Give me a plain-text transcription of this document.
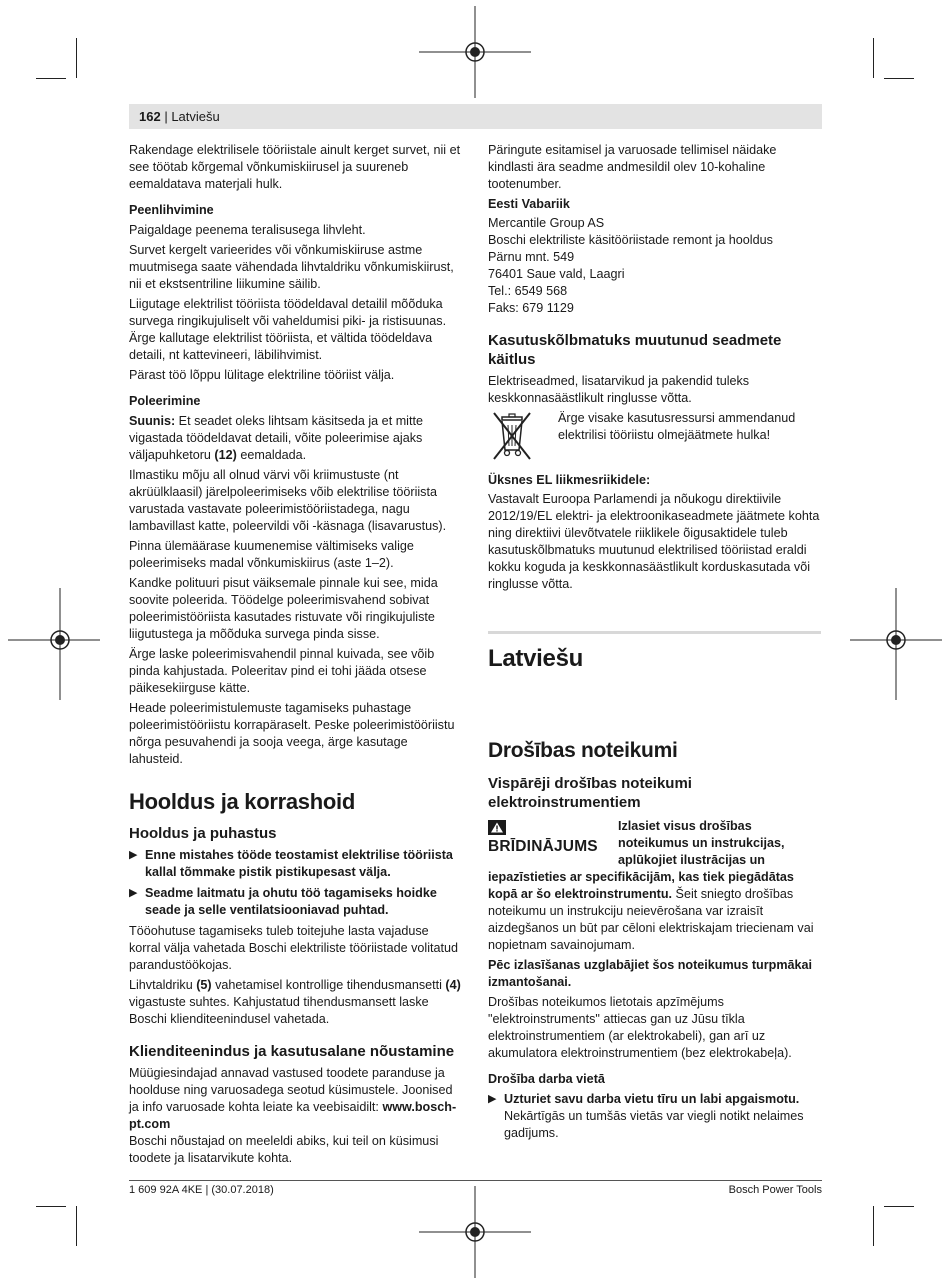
162 | Latviešu

Rakendage elektrilisele tööriistale ainult kerget survet, nii et see töötab kõrgemal võnkumiskiirusel ja suureneb eemaldatava materjali hulk.

Peenlihvimine

Paigaldage peenema teralisusega lihvleht.

Survet kergelt varieerides või võnkumiskiiruse astme muutmisega saate vähendada lihvtaldriku võnkumiskiirust, nii et ekstsentriline liikumine säilib.

Liigutage elektrilist tööriista töödeldaval detailil mõõduka survega ringikujuliselt või vaheldumisi piki- ja ristisuunas. Ärge kallutage elektrilist tööriista, et vältida töödeldava detaili, nt kattevineeri, läbilihvimist.

Pärast töö lõppu lülitage elektriline tööriist välja.

Poleerimine

Suunis: Et seadet oleks lihtsam käsitseda ja et mitte vigastada töödeldavat detaili, võite poleerimise ajaks väljapuhketoru (12) eemaldada.

Ilmastiku mõju all olnud värvi või kriimustuste (nt akrüülklaasil) järelpoleerimiseks võib elektrilise tööriista varustada vastavate poleerimistööriistadega, nagu lambavillast katte, poleervildi või -käsnaga (lisavarustus).

Pinna ülemäärase kuumenemise vältimiseks valige poleerimiseks madal võnkumiskiirus (aste 1–2).

Kandke polituuri pisut väiksemale pinnale kui see, mida soovite poleerida. Töödelge poleerimisvahend sobivat poleerimistööriista kasutades ristuvate või ringikujuliste liigutustega ja mõõduka survega pinda sisse.

Ärge laske poleerimisvahendil pinnal kuivada, see võib pinda kahjustada. Poleeritav pind ei tohi jääda otsese päikesekiirguse kätte.

Heade poleerimistulemuste tagamiseks puhastage poleerimistööriistu korrapäraselt. Peske poleerimistööriistu nõrga pesuvahendi ja sooja veega, ärge kasutage lahusteid.

Hooldus ja korrashoid
Hooldus ja puhastus
▶ Enne mistahes tööde teostamist elektrilise tööriista kallal tõmmake pistik pistikupesast välja.
▶ Seadme laitmatu ja ohutu töö tagamiseks hoidke seade ja selle ventilatsiooniavad puhtad.

Tööohutuse tagamiseks tuleb toitejuhe lasta vajaduse korral välja vahetada Boschi elektriliste tööriistade volitatud parandustöökojas.

Lihvtaldriku (5) vahetamisel kontrollige tihendusmansetti (4) vigastuste suhtes. Kahjustatud tihendusmansett laske Boschi klienditeenindusel vahetada.

Klienditeenindus ja kasutusalane nõustamine

Müügiesindajad annavad vastused toodete paranduse ja hoolduse ning varuosadega seotud küsimustele. Joonised ja info varuosade kohta leiate ka veebisaidilt: www.bosch-pt.com

Boschi nõustajad on meeleldi abiks, kui teil on küsimusi toodete ja lisatarvikute kohta.

Päringute esitamisel ja varuosade tellimisel näidake kindlasti ära seadme andmesildil olev 10-kohaline tootenumber.

Eesti Vabariik
Mercantile Group AS
Boschi elektriliste käsitööriistade remont ja hooldus
Pärnu mnt. 549
76401 Saue vald, Laagri
Tel.: 6549 568
Faks: 679 1129
Kasutuskõlbmatuks muutunud seadmete käitlus

Elektriseadmed, lisatarvikud ja pakendid tuleks keskkonnasäästlikult ringlusse võtta.

Ärge visake kasutusressursi ammendanud elektrilisi tööriistu olmejäätmete hulka!
Üksnes EL liikmesriikidele:

Vastavalt Euroopa Parlamendi ja nõukogu direktiivile 2012/19/EL elektri- ja elektroonikaseadmete jäätmete kohta ning direktiivi ülevõtvatele riiklikele õigusaktidele tuleb kasutuskõlbmatuks muutunud elektrilised tööriistad eraldi kokku koguda ja keskkonnasäästlikult korduskasutada või ringlusse võtta.

Latviešu
Drošības noteikumi
Vispārēji drošības noteikumi elektroinstrumentiem
BRĪDINĀJUMS

Izlasiet visus drošības noteikumus un instrukcijas, aplūkojiet ilustrācijas un iepazīstieties ar specifikācijām, kas tiek piegādātas kopā ar šo elektroinstrumentu. Šeit sniegto drošības noteikumu un instrukciju neievērošana var izraisīt aizdegšanos un būt par cēloni elektriskajam triecienam vai nopietnam savainojumam.

Pēc izlasīšanas uzglabājiet šos noteikumus turpmākai izmantošanai.

Drošības noteikumos lietotais apzīmējums "elektroinstruments" attiecas gan uz Jūsu tīkla elektroinstrumentiem (ar elektrokabeli), gan arī uz akumulatora elektroinstrumentiem (bez elektrokabeļa).

Drošība darba vietā
▶ Uzturiet savu darba vietu tīru un labi apgaismotu.
Nekārtīgās un tumšās vietās var viegli notikt nelaimes gadījums.
1 609 92A 4KE | (30.07.2018)	Bosch Power Tools
